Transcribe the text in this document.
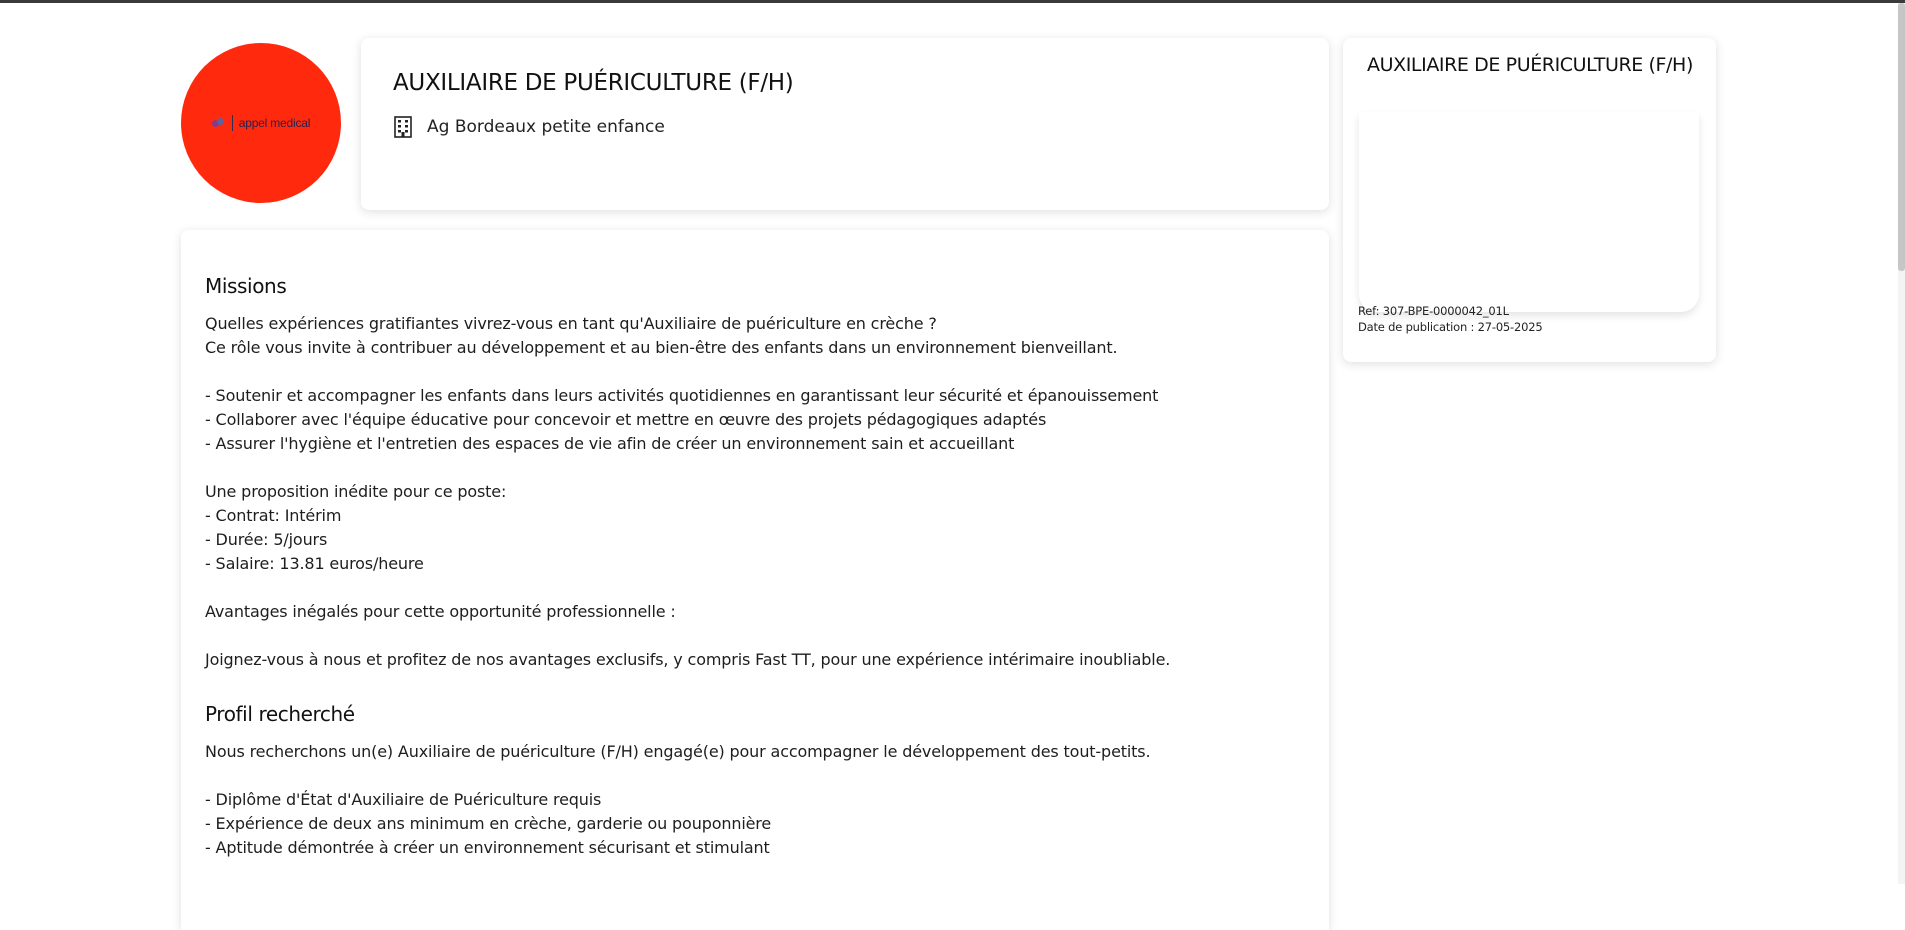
appel medical
AUXILIAIRE DE PUÉRICULTURE (F/H)
Ag Bordeaux petite enfance
Missions

Quelles expériences gratifiantes vivrez-vous en tant qu'Auxiliaire de puériculture en crèche ?

Ce rôle vous invite à contribuer au développement et au bien-être des enfants dans un environnement bienveillant.

- Soutenir et accompagner les enfants dans leurs activités quotidiennes en garantissant leur sécurité et épanouissement

- Collaborer avec l'équipe éducative pour concevoir et mettre en œuvre des projets pédagogiques adaptés

- Assurer l'hygiène et l'entretien des espaces de vie afin de créer un environnement sain et accueillant

Une proposition inédite pour ce poste:

- Contrat: Intérim

- Durée: 5/jours

- Salaire: 13.81 euros/heure

Avantages inégalés pour cette opportunité professionnelle :

Joignez-vous à nous et profitez de nos avantages exclusifs, y compris Fast TT, pour une expérience intérimaire inoubliable.

Profil recherché

Nous recherchons un(e) Auxiliaire de puériculture (F/H) engagé(e) pour accompagner le développement des tout-petits.

- Diplôme d'État d'Auxiliaire de Puériculture requis

- Expérience de deux ans minimum en crèche, garderie ou pouponnière

- Aptitude démontrée à créer un environnement sécurisant et stimulant

AUXILIAIRE DE PUÉRICULTURE (F/H)
Ref: 307-BPE-0000042_01L
Date de publication : 27-05-2025
